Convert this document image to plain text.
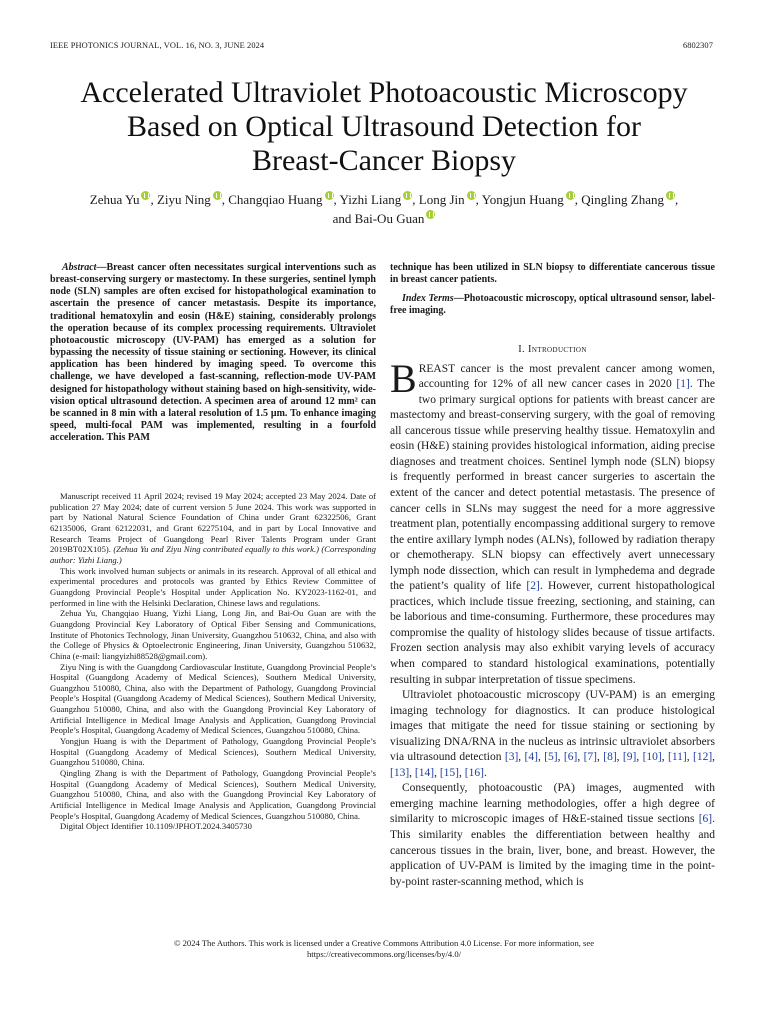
IEEE PHOTONICS JOURNAL, VOL. 16, NO. 3, JUNE 2024	6802307
Accelerated Ultraviolet Photoacoustic Microscopy
Based on Optical Ultrasound Detection for
Breast-Cancer Biopsy
Zehua Yu , Ziyu Ning , Changqiao Huang , Yizhi Liang , Long Jin , Yongjun Huang , Qingling Zhang ,
and Bai-Ou Guan

Abstract—Breast cancer often necessitates surgical interventions such as breast-conserving surgery or mastectomy. In these surgeries, sentinel lymph node (SLN) samples are often excised for histopathological examination to ascertain the presence of cancer metastasis. Despite its importance, traditional hematoxylin and eosin (H&E) staining, considerably prolongs the operation because of its complex processing requirements. Ultraviolet photoacoustic microscopy (UV-PAM) has emerged as a solution for bypassing the necessity of tissue staining or sectioning. However, its clinical application has been hindered by imaging speed. To overcome this challenge, we have developed a fast-scanning, reflection-mode UV-PAM designed for histopathology without staining based on high-sensitivity, wide-vision optical ultrasound detection. A specimen area of around 12 mm² can be scanned in 8 min with a lateral resolution of 1.5 μm. To enhance imaging speed, multi-focal PAM was implemented, resulting in a fourfold acceleration. This PAM

Manuscript received 11 April 2024; revised 19 May 2024; accepted 23 May 2024. Date of publication 27 May 2024; date of current version 5 June 2024. This work was supported in part by National Natural Science Foundation of China under Grant 62322506, Grant 62135006, Grant 62122031, and Grant 62275104, and in part by Local Innovative and Research Teams Project of Guangdong Pearl River Talents Program under Grant 2019BT02X105). (Zehua Yu and Ziyu Ning contributed equally to this work.) (Corresponding author: Yizhi Liang.)

This work involved human subjects or animals in its research. Approval of all ethical and experimental procedures and protocols was granted by Ethics Review Committee of Guangdong Provincial People’s Hospital under Application No. KY2023-1162-01, and performed in line with the Helsinki Declaration, Chinese laws and regulations.

Zehua Yu, Changqiao Huang, Yizhi Liang, Long Jin, and Bai-Ou Guan are with the Guangdong Provincial Key Laboratory of Optical Fiber Sensing and Communications, Institute of Photonics Technology, Jinan University, Guangzhou 510632, China, and also with the College of Physics & Optoelectronic Engineering, Jinan University, Guangzhou 510632, China (e-mail: liangyizhi88528@gmail.com).

Ziyu Ning is with the Guangdong Cardiovascular Institute, Guangdong Provincial People’s Hospital (Guangdong Academy of Medical Sciences), Southern Medical University, Guangzhou 510080, China, also with the Department of Pathology, Guangdong Provincial People’s Hospital (Guangdong Academy of Medical Sciences), Southern Medical University, Guangzhou 510080, China, and also with the Guangdong Provincial Key Laboratory of Artificial Intelligence in Medical Image Analysis and Application, Guangdong Provincial People’s Hospital, Guangdong Academy of Medical Sciences, Guangzhou 510080, China.

Yongjun Huang is with the Department of Pathology, Guangdong Provincial People’s Hospital (Guangdong Academy of Medical Sciences), Southern Medical University, Guangzhou 510080, China.

Qingling Zhang is with the Department of Pathology, Guangdong Provincial People’s Hospital (Guangdong Academy of Medical Sciences), Southern Medical University, Guangzhou 510080, China, and also with the Guangdong Provincial Key Laboratory of Artificial Intelligence in Medical Image Analysis and Application, Guangdong Provincial People’s Hospital, Guangdong Academy of Medical Sciences, Guangzhou 510080, China.

Digital Object Identifier 10.1109/JPHOT.2024.3405730

technique has been utilized in SLN biopsy to differentiate cancerous tissue in breast cancer patients.

Index Terms—Photoacoustic microscopy, optical ultrasound sensor, label-free imaging.

I. Introduction

BREAST cancer is the most prevalent cancer among women, accounting for 12% of all new cancer cases in 2020 [1]. The two primary surgical options for patients with breast cancer are mastectomy and breast-conserving surgery, with the goal of removing all cancerous tissue while preserving healthy tissue. Hematoxylin and eosin (H&E) staining provides histological information, aiding precise diagnoses and treatment choices. Sentinel lymph node (SLN) biopsy is frequently performed in breast cancer surgeries to ascertain the extent of the cancer and detect potential metastasis. The presence of cancer cells in SLNs may suggest the need for a more aggressive treatment plan, potentially encompassing additional surgery to remove the entire axillary lymph nodes (ALNs), followed by radiation therapy or chemotherapy. SLN biopsy can effectively avert unnecessary lymph node dissection, which can result in lymphedema and degrade the patient’s quality of life [2]. However, current histopathological practices, which include tissue freezing, sectioning, and staining, can be laborious and time-consuming. Furthermore, these procedures may compromise the quality of histology slides because of tissue artifacts. Frozen section analysis may also exhibit varying levels of accuracy when compared to standard histological examinations, potentially resulting in subpar interpretation of tissue specimens.

Ultraviolet photoacoustic microscopy (UV-PAM) is an emerging imaging technology for diagnostics. It can produce histological images that mitigate the need for tissue staining or sectioning by visualizing DNA/RNA in the nucleus as intrinsic ultraviolet absorbers via ultrasound detection [3], [4], [5], [6], [7], [8], [9], [10], [11], [12], [13], [14], [15], [16].

Consequently, photoacoustic (PA) images, augmented with emerging machine learning methodologies, offer a high degree of similarity to microscopic images of H&E-stained tissue sections [6]. This similarity enables the differentiation between healthy and cancerous tissues in the brain, liver, bone, and breast. However, the application of UV-PAM is limited by the imaging time in the point-by-point raster-scanning method, which is

© 2024 The Authors. This work is licensed under a Creative Commons Attribution 4.0 License. For more information, see
https://creativecommons.org/licenses/by/4.0/
